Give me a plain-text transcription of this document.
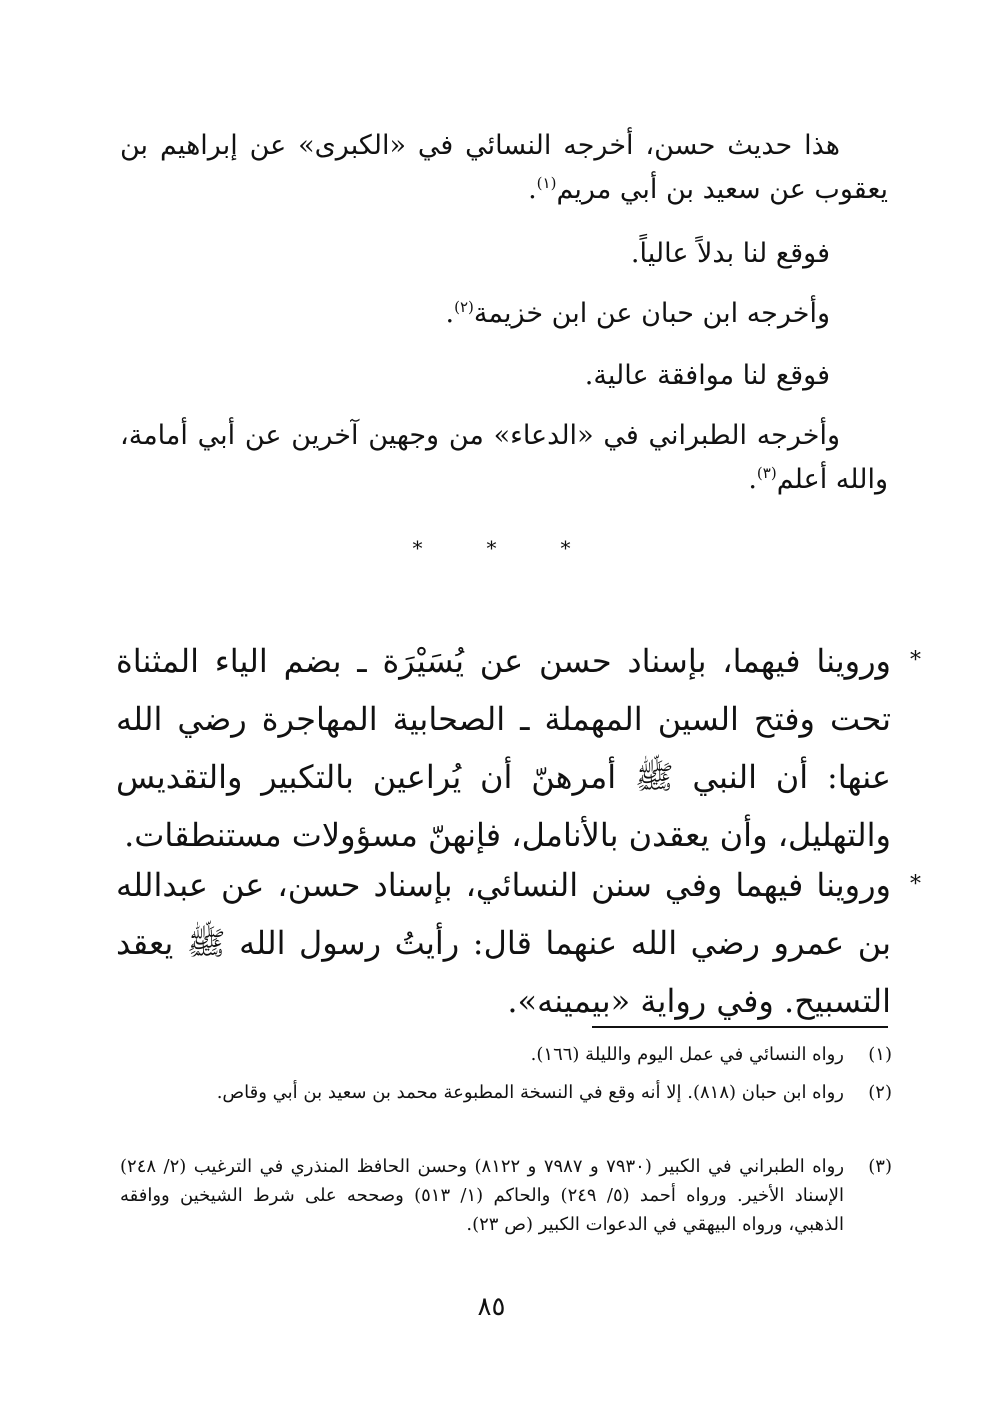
هذا حديث حسن، أخرجه النسائي في «الكبرى» عن إبراهيم بن يعقوب عن سعيد بن أبي مريم$^{(١)}$.
فوقع لنا بدلاً عالياً.
وأخرجه ابن حبان عن ابن خزيمة$^{(٢)}$.
فوقع لنا موافقة عالية.
وأخرجه الطبراني في «الدعاء» من وجهين آخرين عن أبي أمامة، والله أعلم$^{(٣)}$.
*	*	*
*
وروينا فيهما، بإسناد حسن عن يُسَيْرَة ـ بضم الياء المثناة تحت وفتح السين المهملة ـ الصحابية المهاجرة رضي الله عنها: أن النبي ﷺ أمرهنّ أن يُراعين بالتكبير والتقديس والتهليل، وأن يعقدن بالأنامل، فإنهنّ مسؤولات مستنطقات.
*
وروينا فيهما وفي سنن النسائي، بإسناد حسن، عن عبدالله بن عمرو رضي الله عنهما قال: رأيتُ رسول الله ﷺ يعقد التسبيح. وفي رواية «بيمينه».
(١)
رواه النسائي في عمل اليوم والليلة (١٦٦).
(٢)
رواه ابن حبان (٨١٨). إلا أنه وقع في النسخة المطبوعة محمد بن سعيد بن أبي وقاص.
(٣)
رواه الطبراني في الكبير (٧٩٣٠ و ٧٩٨٧ و ٨١٢٢) وحسن الحافظ المنذري في الترغيب (٢/ ٢٤٨) الإسناد الأخير. ورواه أحمد (٥/ ٢٤٩) والحاكم (١/ ٥١٣) وصححه على شرط الشيخين ووافقه الذهبي، ورواه البيهقي في الدعوات الكبير (ص ٢٣).
٨٥
